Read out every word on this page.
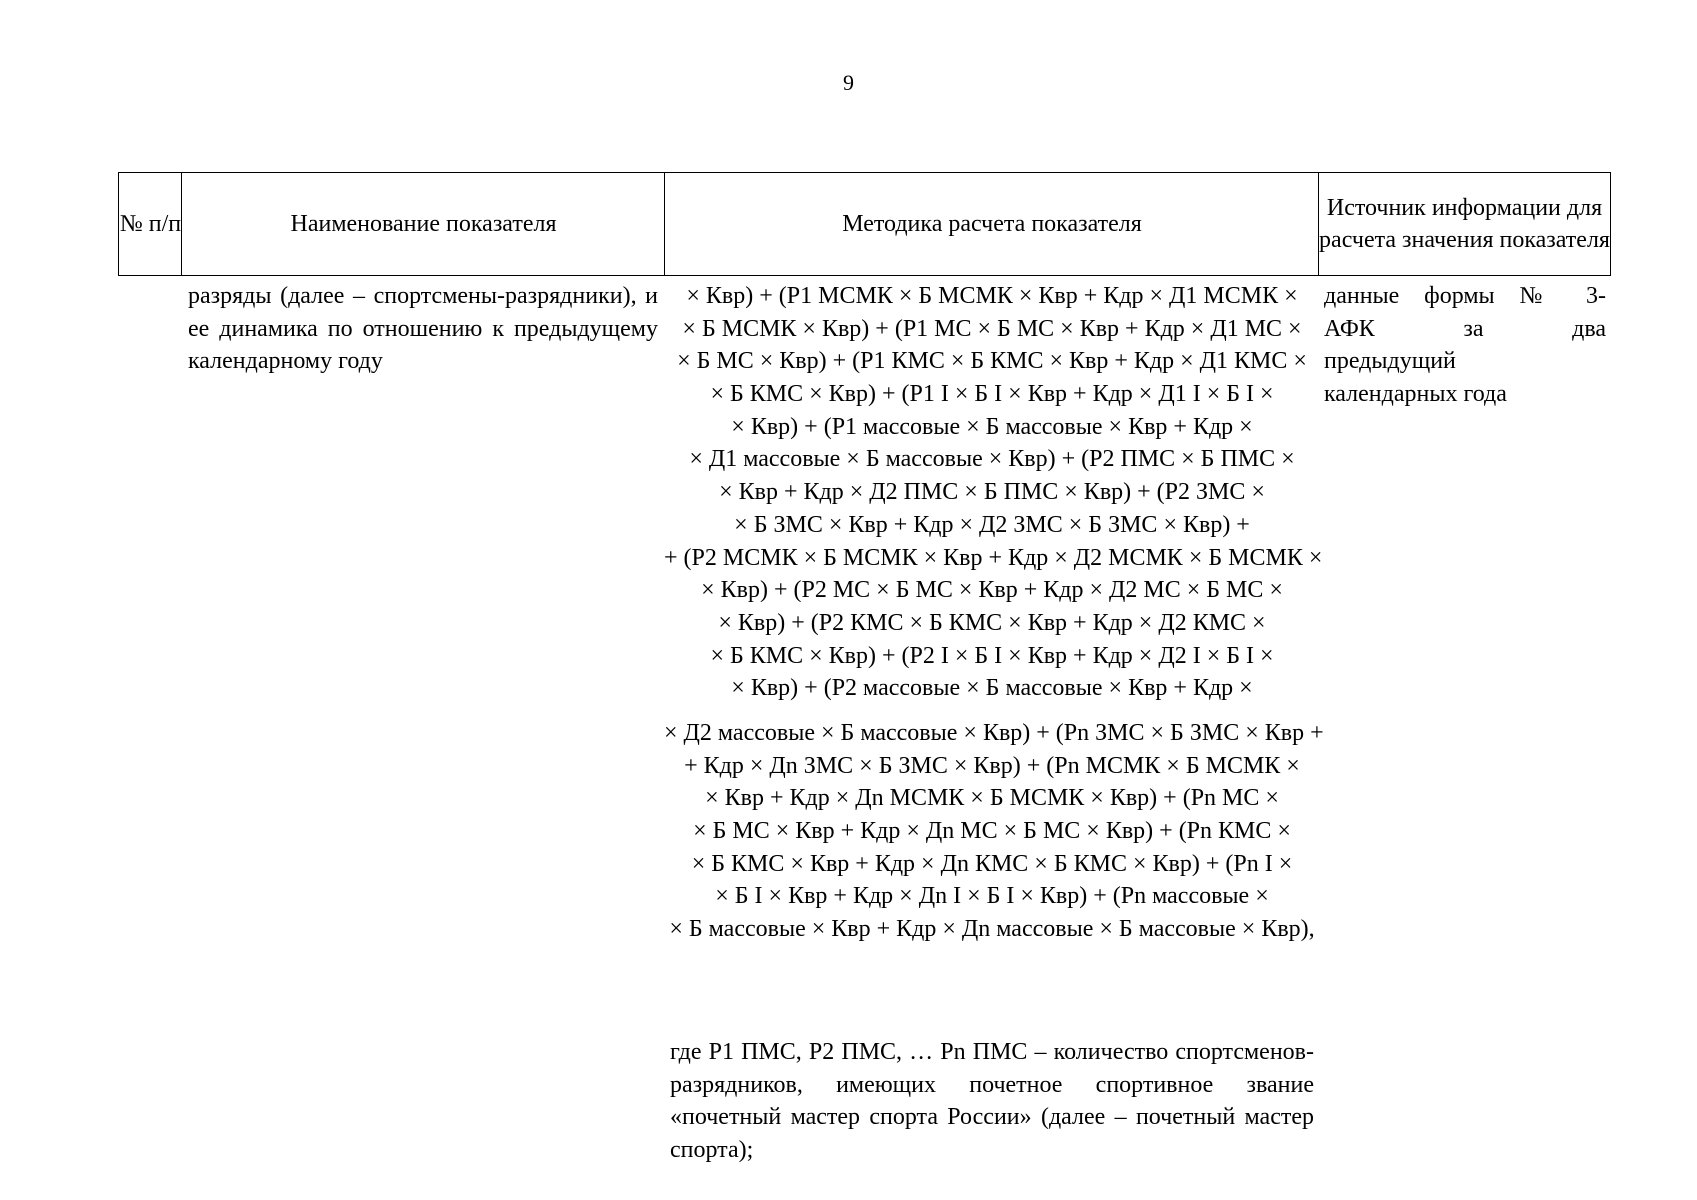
9
№ п/п	Наименование показателя	Методика расчета показателя
Источник информации для расчета значения показателя
разряды (далее – спортсмены-разрядники), и ее динамика по отношению к предыдущему календарному году
× Квр) + (P1 МСМК × Б МСМК × Квр + Кдр × Д1 МСМК ×
× Б МСМК × Квр) + (P1 МС × Б МС × Квр + Кдр × Д1 МС ×
× Б МС × Квр) + (P1 КМС × Б КМС × Квр + Кдр × Д1 КМС ×
× Б КМС × Квр) + (P1 I × Б I × Квр + Кдр × Д1 I × Б I ×
× Квр) + (P1 массовые × Б массовые × Квр + Кдр ×
× Д1 массовые × Б массовые × Квр) + (P2 ПМС × Б ПМС ×
× Квр + Кдр × Д2 ПМС × Б ПМС × Квр) + (P2 ЗМС ×
× Б ЗМС × Квр + Кдр × Д2 ЗМС × Б ЗМС × Квр) +
+ (P2 МСМК × Б МСМК × Квр + Кдр × Д2 МСМК × Б МСМК ×
× Квр) + (P2 МС × Б МС × Квр + Кдр × Д2 МС × Б МС ×
× Квр) + (P2 КМС × Б КМС × Квр + Кдр × Д2 КМС ×
× Б КМС × Квр) + (P2 I × Б I × Квр + Кдр × Д2 I × Б I ×
× Квр) + (P2 массовые × Б массовые × Квр + Кдр ×
× Д2 массовые × Б массовые × Квр) + (Pn ЗМС × Б ЗМС × Квр +
+ Кдр × Дn ЗМС × Б ЗМС × Квр) + (Pn МСМК × Б МСМК ×
× Квр + Кдр × Дn МСМК × Б МСМК × Квр) + (Pn МС ×
× Б МС × Квр + Кдр × Дn МС × Б МС × Квр) + (Pn КМС ×
× Б КМС × Квр + Кдр × Дn КМС × Б КМС × Квр) + (Pn I ×
× Б I × Квр + Кдр × Дn I × Б I × Квр) + (Pn массовые ×
× Б массовые × Квр + Кдр × Дn массовые × Б массовые × Квр),
где P1 ПМС, P2 ПМС, … Pn ПМС – количество спортсменов-разрядников, имеющих почетное спортивное звание «почетный мастер спорта России» (далее – почетный мастер спорта);
данные формы № 3-
АФК за два
предыдущий
календарных года
